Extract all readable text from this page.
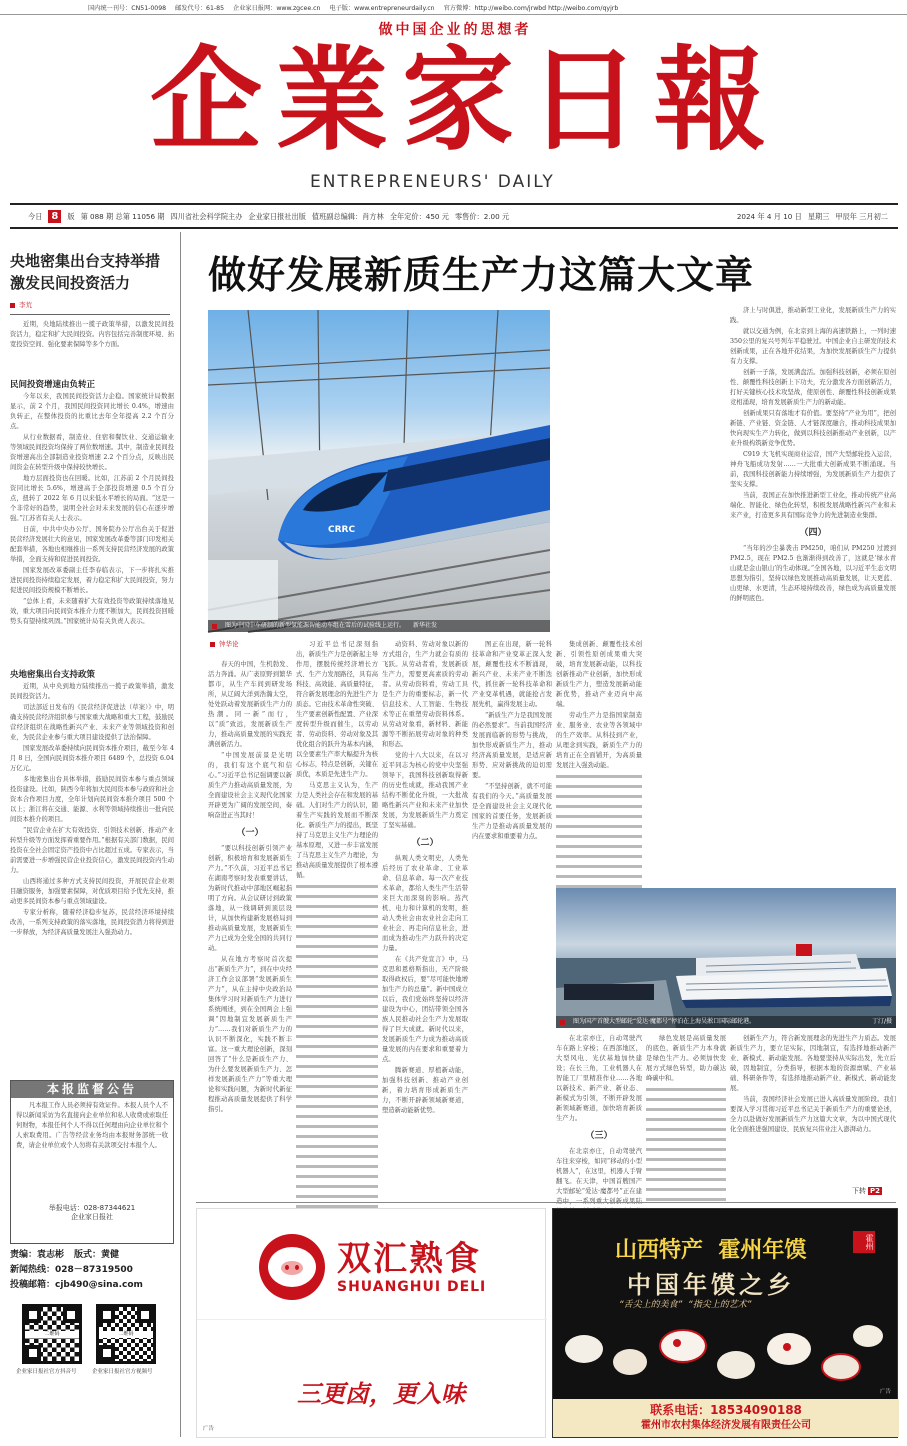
国内统一刊号：CN51-0098 邮发代号：61-85 企业家日报网：www.zgcee.cn 电子版：www.entrepreneurdaily.cn 官方微博：http://weibo.com/jrwbd http://weibo.com/qyjrb
做中国企业的思想者
企業家日報
ENTREPRENEURS' DAILY
今日 8	版 第 088 期 总第 11056 期 四川省社会科学院主办 企业家日报社出版 值班副总编辑：肖方林 全年定价：450 元 零售价：2.00 元	2024 年 4 月 10 日 星期三 甲辰年 三月初二
央地密集出台支持举措
激发民间投资活力
李荒
近期，央地陆续推出一揽子政策举措，以激发民间投资活力，稳定和扩大民间投资。内容包括完善制度环境、拓宽投资空间、强化要素保障等多个方面。
民间投资增速由负转正

今年以来，我国民间投资活力企稳。国家统计局数据显示，前 2 个月，我国民间投资同比增长 0.4%，增速由负转正，在整体投资的比重比去年全年提高 2.2 个百分点。

从行业数据看，制造业、住宿和餐饮业、交通运输业等领域民间投资均保持了两位数增速。其中，制造业民间投资增速高出全部制造业投资增速 2.2 个百分点，反映出民间资金在转型升级中保持较快增长。

地方层面投资也在回暖。比如，江苏前 2 个月民间投资同比增长 5.6%，增速高于全部投资增速 0.5 个百分点，扭转了 2022 年 6 月以来低水平增长的局面。“这是一个非常好的趋势，说明全社会对未来发展的信心在逐步增强。”江苏省有关人士表示。

日前，中共中央办公厅、国务院办公厅出台关于促进民营经济发展壮大的意见，国家发展改革委等部门印发相关配套举措，各地也相继推出一系列支持民营经济发展的政策举措，全面支持和促进民间投资。

国家发展改革委副主任李春临表示，下一步将扎实推进民间投资持续稳定发展，着力稳定和扩大民间投资，努力促进民间投资规模不断增长。

“总体上看，未来随着扩大有效投资等政策持续落地见效，重大项目向民间资本推介力度不断加大，民间投资回暖势头有望持续巩固。”国家统计局有关负责人表示。

央地密集出台支持政策

近期，从中央到地方陆续推出一揽子政策举措，激发民间投资活力。

司法部近日发布的《民营经济促进法（草案）》中，明确支持民营经济组织参与国家重大战略和重大工程，鼓励民营经济组织在战略性新兴产业、未来产业等领域投资和创业，为民营企业参与重大项目建设提供了法治保障。

国家发展改革委持续向民间资本推介项目，截至今年 4 月 8 日，全国向民间资本推介项目 6489 个，总投资 6.04 万亿元。

多地密集出台具体举措，鼓励民间资本参与重点领域投资建设。比如，陕西今年将加大民间资本参与政府和社会资本合作项目力度，全年计划向民间资本推介项目 500 个以上；浙江将在交通、能源、水利等领域持续推出一批向民间资本推介的项目。

“民营企业在扩大有效投资、引领技术创新、推动产业转型升级等方面发挥着重要作用。”根据有关部门数据，民间投资在全社会固定资产投资中占比超过五成。专家表示，当前需要进一步增强民营企业投资信心，激发民间投资内生动力。

山西将通过多种方式支持民间投资，开展民营企业项目融资服务，加强要素保障，对优质项目给予优先支持，推动更多民间资本参与重点领域建设。

专家分析称，随着经济稳步复苏，民营经济环境持续改善，一系列支持政策的落实落地，民间投资潜力将得到进一步释放，为经济高质量发展注入强劲动力。

本报监督公告
凡本报工作人员必须持有效证件。本报人员个人不得以新闻采访为名直接向企业单位和私人收费或索取任何财物，本报任何个人不得以任何理由向企业单位和个人索取费用。广告等经营业务均由本报财务部统一收费，请企业单位或个人勿将有关款项交付本报个人。
举报电话：028-87344621
企业家日报社
责编：袁志彬 版式：黄健
新闻热线：028－87319500
投稿邮箱：cjb490@sina.com
二维码	二维码
企业家日报社官方抖音号	企业家日报社官方视频号
做好发展新质生产力这篇大文章
CRRC
图为中国中车研制的新型氢能源智能动车组在雪后的试验线上运行。 新华社发
钟华论

春天的中国，生机勃发、活力奔涌。从广袤原野到繁华都市，从生产车间到研发场所，从辽阔大洋到浩瀚太空，处处跃动着发展新质生产力的热潮。同一新”而行，以“质”致远，发展新质生产力，推动高质量发展的实践充满创新活力。

“中国发展前景是光明的，我们有这个底气和信心。”习近平总书记强调要以新质生产力推动高质量发展，为全面建设社会主义现代化国家开辟更为广阔的发展空间，奏响奋进正当其时！

（一）

“要以科技创新引领产业创新，积极培育和发展新质生产力。”不久前，习近平总书记在湖南考察时发表重要讲话，为新时代推动中部地区崛起指明了方向。从会议研讨到政策落地，从一线调研到顶层设计，从加快构建新发展格局到推动高质量发展，发展新质生产力已成为全党全国的共同行动。

从在地方考察时首次提出“新质生产力”，到在中央经济工作会议部署“发展新质生产力”，从在主持中央政治局集体学习时对新质生产力进行系统阐述，到在全国两会上强调“因地制宜发展新质生产力”……我们对新质生产力的认识不断深化，实践不断丰富。这一重大理论创新，深刻回答了“什么是新质生产力、为什么要发展新质生产力、怎样发展新质生产力”等重大理论和实践问题，为新时代新征程推动高质量发展提供了科学指引。

习近平总书记深刻指出，新质生产力是创新起主导作用，摆脱传统经济增长方式、生产力发展路径，具有高科技、高效能、高质量特征，符合新发展理念的先进生产力质态。它由技术革命性突破、生产要素创新性配置、产业深度转型升级而催生，以劳动者、劳动资料、劳动对象及其优化组合的跃升为基本内涵，以全要素生产率大幅提升为核心标志，特点是创新，关键在质优，本质是先进生产力。

马克思主义认为，生产力是人类社会存在和发展的基础。人们对生产力的认识，随着生产实践的发展而不断深化。新质生产力的提出，既坚持了马克思主义生产力理论的基本原理，又进一步丰富发展了马克思主义生产力理论，为推动高质量发展提供了根本遵循。

动资料、劳动对象以新的方式组合，生产力就会有质的飞跃。从劳动者看，发展新质生产力，需要更高素质的劳动者。从劳动资料看，劳动工具是生产力的重要标志，新一代信息技术、人工智能、生物技术等正在重塑劳动资料体系。从劳动对象看，新材料、新能源等不断拓展劳动对象的种类和形态。

党的十八大以来，在以习近平同志为核心的党中央坚强领导下，我国科技创新取得新的历史性成就，推动我国产业结构不断优化升级，一大批战略性新兴产业和未来产业加快发展，为发展新质生产力奠定了坚实基础。

（二）

纵观人类文明史，人类先后经历了农业革命、工业革命、信息革命。每一次产业技术革命，都给人类生产生活带来巨大而深刻的影响。蒸汽机、电力和计算机的发明，推动人类社会由农业社会走向工业社会、再走向信息社会，进而成为推动生产力跃升的决定力量。

在《共产党宣言》中，马克思和恩格斯指出，无产阶级取得政权后，要“尽可能快地增加生产力的总量”。新中国成立以后，我们党始终坚持以经济建设为中心，团结带领全国各族人民推动社会生产力发展取得了巨大成就。新时代以来，发展新质生产力成为推动高质量发展的内在要求和重要着力点。

腾新赛道、厚植新动能，加强科技创新、推动产业创新，着力培育形成新质生产力，不断开辟新领域新赛道，塑造新动能新优势。

图正在出现，新一轮科技革命和产业变革正深入发展，颠覆性技术不断涌现，新兴产业、未来产业不断迭代，抓住新一轮科技革命和产业变革机遇，就能抢占发展先机，赢得发展主动。

“新质生产力是我国发展的必然要求”。当前我国经济发展面临新的形势与挑战，加快形成新质生产力，推动经济高质量发展，是适应新形势、应对新挑战的迫切需要。

“不坚持创新，就不可能有我们的今天。”高质量发展是全面建设社会主义现代化国家的首要任务，发展新质生产力是推动高质量发展的内在要求和重要着力点。

集成创新、颠覆性技术创新、引领性原创成果重大突破，培育发展新动能，以科技创新推动产业创新，加快形成新质生产力，塑造发展新动能新优势，推动产业迈向中高端。

劳动生产力是指国家制造业、服务业、农业等各领域中的生产效率。从科技到产业，从理念到实践，新质生产力的培育正在全面铺开，为高质量发展注入强劲动能。

图为国产首艘大型邮轮“爱达·魔都号”停泊在上海吴淞口国际邮轮港。	丁汀/摄

在北京亦庄，自动驾驶汽车在路上穿梭；在西部地区，大型风电、光伏基地加快建设；在长三角，工业机器人在智能工厂里精准作业……各地以新技术、新产业、新业态、新模式为引领，不断开辟发展新领域新赛道，加快培育新质生产力。

（三）

在北京亦庄，自动驾驶汽车往来穿梭，如同“移动的小型机器人”，在这里，机器人手臂翻飞。在天津，中国首艘国产大型邮轮“爱达·魔都号”正在建

绿色发展是高质量发展的底色，新质生产力本身就是绿色生产力。必须加快发展方式绿色转型，助力碳达峰碳中和。

济上与时俱进，推动新型工业化，发展新质生产力的实践。

就以交通为例，在北京到上海的高速铁路上，一列时速350公里的复兴号列车平稳驶过。中国企业自主研发的技术创新成果，正在各地开花结果，为加快发展新质生产力提供有力支撑。

创新一子落，发展满盘活。加强科技创新，必须在原创性、颠覆性科技创新上下功夫，充分激发各方面创新活力，打好关键核心技术攻坚战，使原创性、颠覆性科技创新成果竞相涌现，培育发展新质生产力的新动能。

创新成果只有落地才有价值。要坚持“产业为用”，把创新链、产业链、资金链、人才链深度融合，推动科技成果加快向现实生产力转化，做到以科技创新推动产业创新，以产业升级构筑新竞争优势。

C919 大飞机实现商业运营，国产大型邮轮投入运营，神舟飞船成功发射……一大批重大创新成果不断涌现。当前，我国科技创新能力持续增强，为发展新质生产力提供了坚实支撑。

当前，我国正在加快推进新型工业化，推动传统产业高端化、智能化、绿色化转型，积极发展战略性新兴产业和未来产业，打造更多具有国际竞争力的先进制造业集群。

（四）

“当年的沙尘暴袭击 PM250，咱们从 PM250 过渡到 PM2.5，现在 PM2.5 也渐渐得到改善了，这就是‘绿水青山就是金山银山’的生动体现。”全国各地，以习近平生态文明思想为指引，坚持以绿色发展推动高质量发展，让天更蓝、山更绿、水更清，生态环境持续改善，绿色成为高质量发展的鲜明底色。

创新生产力，符合新发展理念的先进生产力质态。发展新质生产力，要立足实际，因地制宜，有选择地推动新产业、新模式、新动能发展。各地要坚持从实际出发，先立后破，因地制宜，分类指导，根据本地的资源禀赋、产业基础、科研条件等，有选择地推动新产业、新模式、新动能发展。

当前，我国经济社会发展已进入高质量发展阶段。我们要深入学习贯彻习近平总书记关于新质生产力的重要论述，全力以赴做好发展新质生产力这篇大文章，为以中国式现代化全面推进强国建设、民族复兴伟业注入澎湃动力。

下转 P2
双汇熟食
SHUANGHUI DELI
三更卤，更入味
广告
山西特产  霍州年馍
中国年馍之乡
“舌尖上的美食”  “指尖上的艺术”
霍州
联系电话：18534090188
霍州市农村集体经济发展有限责任公司
广告
